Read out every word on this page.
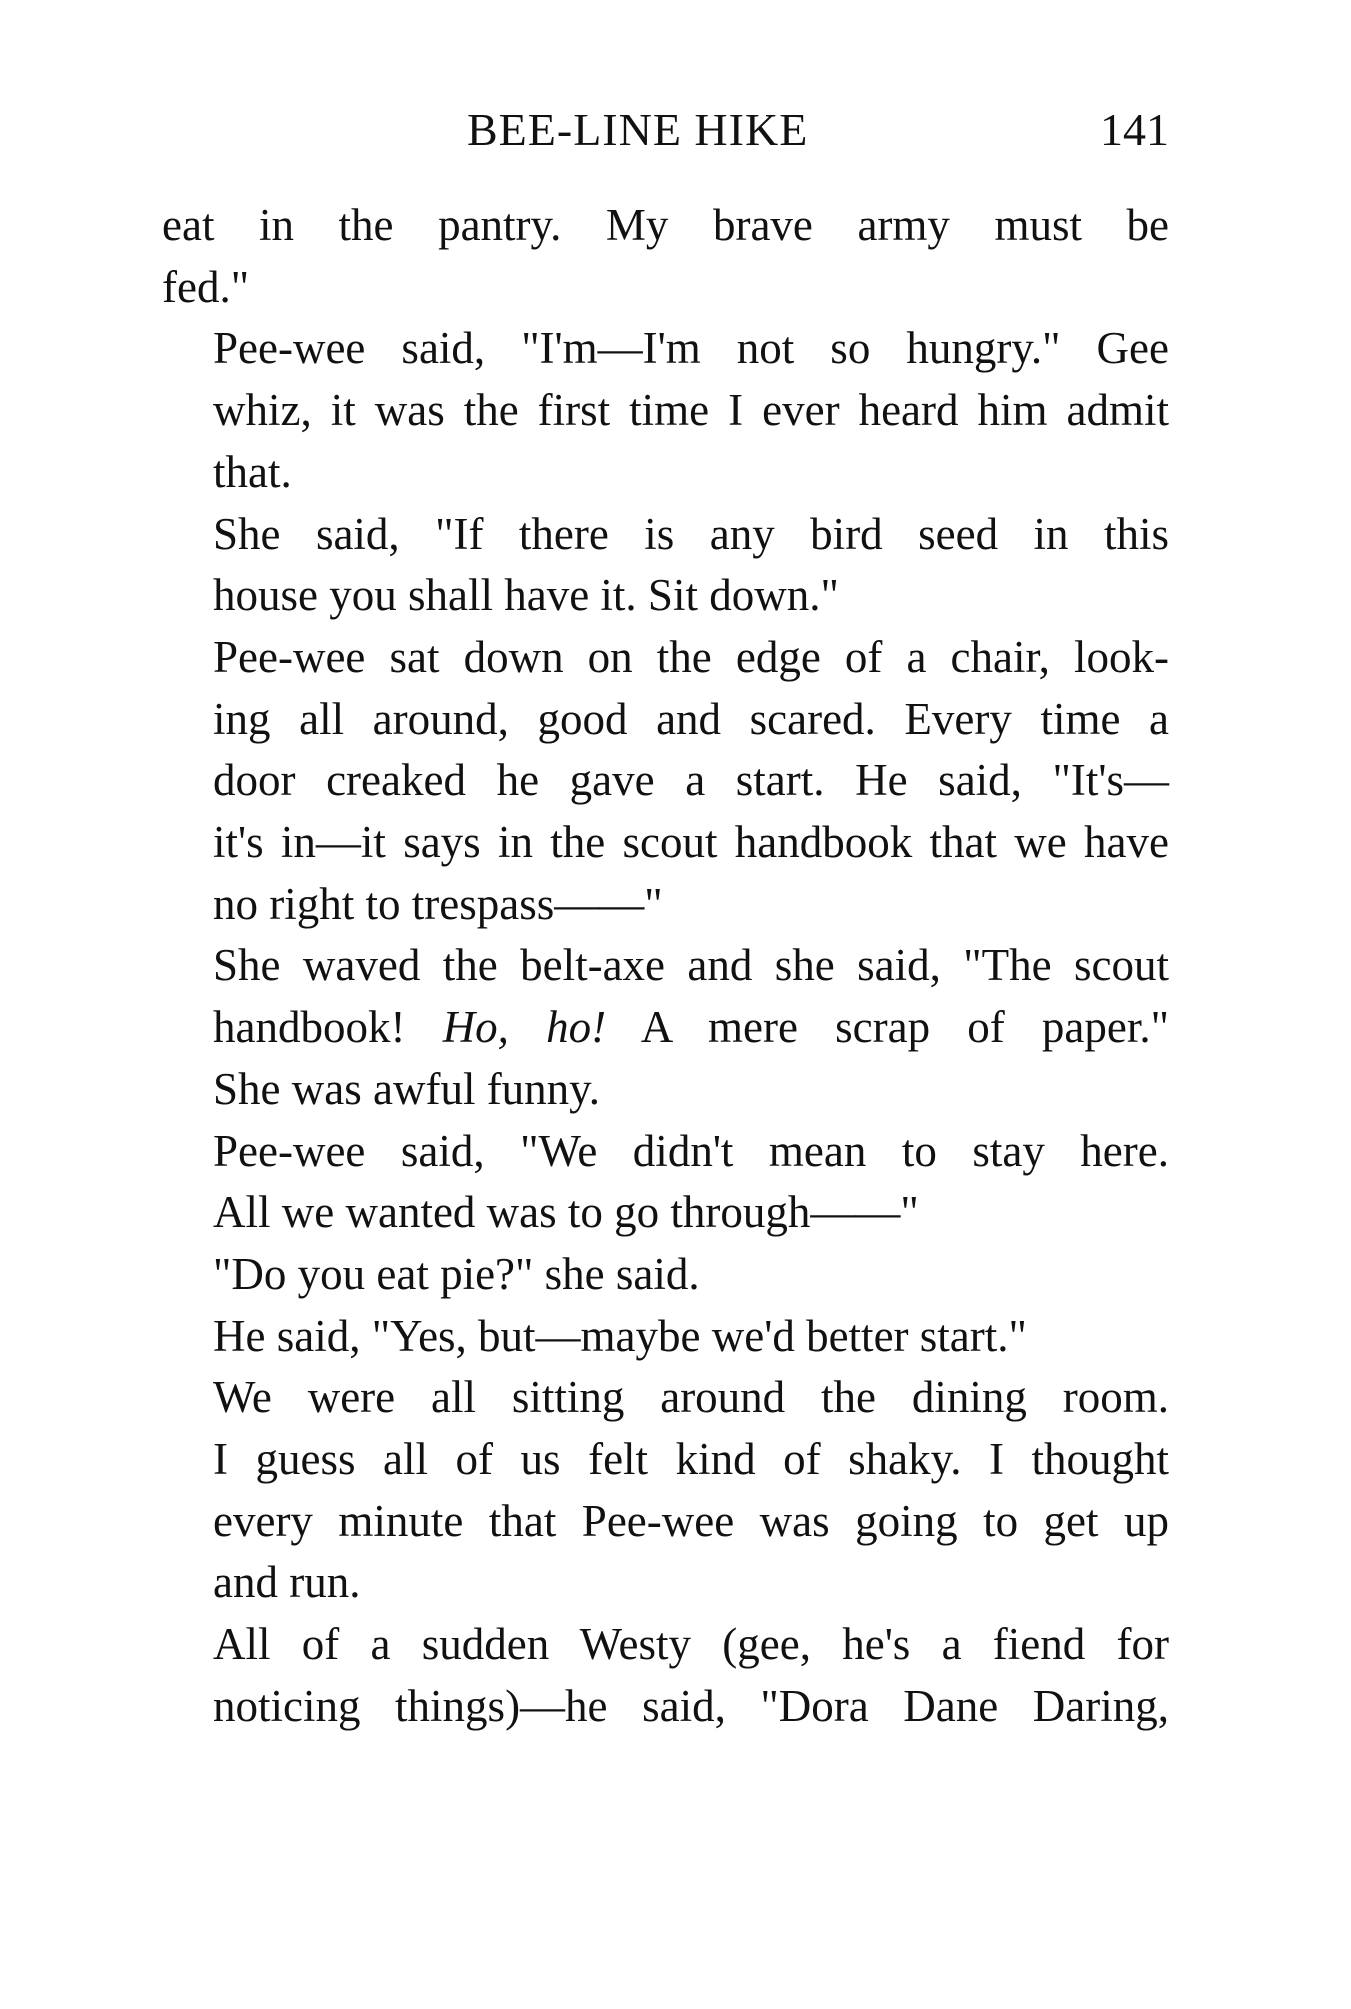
BEE-LINE HIKE	141

eat in the pantry. My brave army must be
fed."

Pee-wee said, "I'm—I'm not so hungry." Gee
whiz, it was the first time I ever heard him admit
that.

She said, "If there is any bird seed in this
house you shall have it. Sit down."

Pee-wee sat down on the edge of a chair, look-
ing all around, good and scared. Every time a
door creaked he gave a start. He said, "It's—
it's in—it says in the scout handbook that we have
no right to trespass——"

She waved the belt-axe and she said, "The scout
handbook! Ho, ho! A mere scrap of paper."
She was awful funny.

Pee-wee said, "We didn't mean to stay here.
All we wanted was to go through——"

"Do you eat pie?" she said.

He said, "Yes, but—maybe we'd better start."

We were all sitting around the dining room.
I guess all of us felt kind of shaky. I thought
every minute that Pee-wee was going to get up
and run.

All of a sudden Westy (gee, he's a fiend for
noticing things)—he said, "Dora Dane Daring,
